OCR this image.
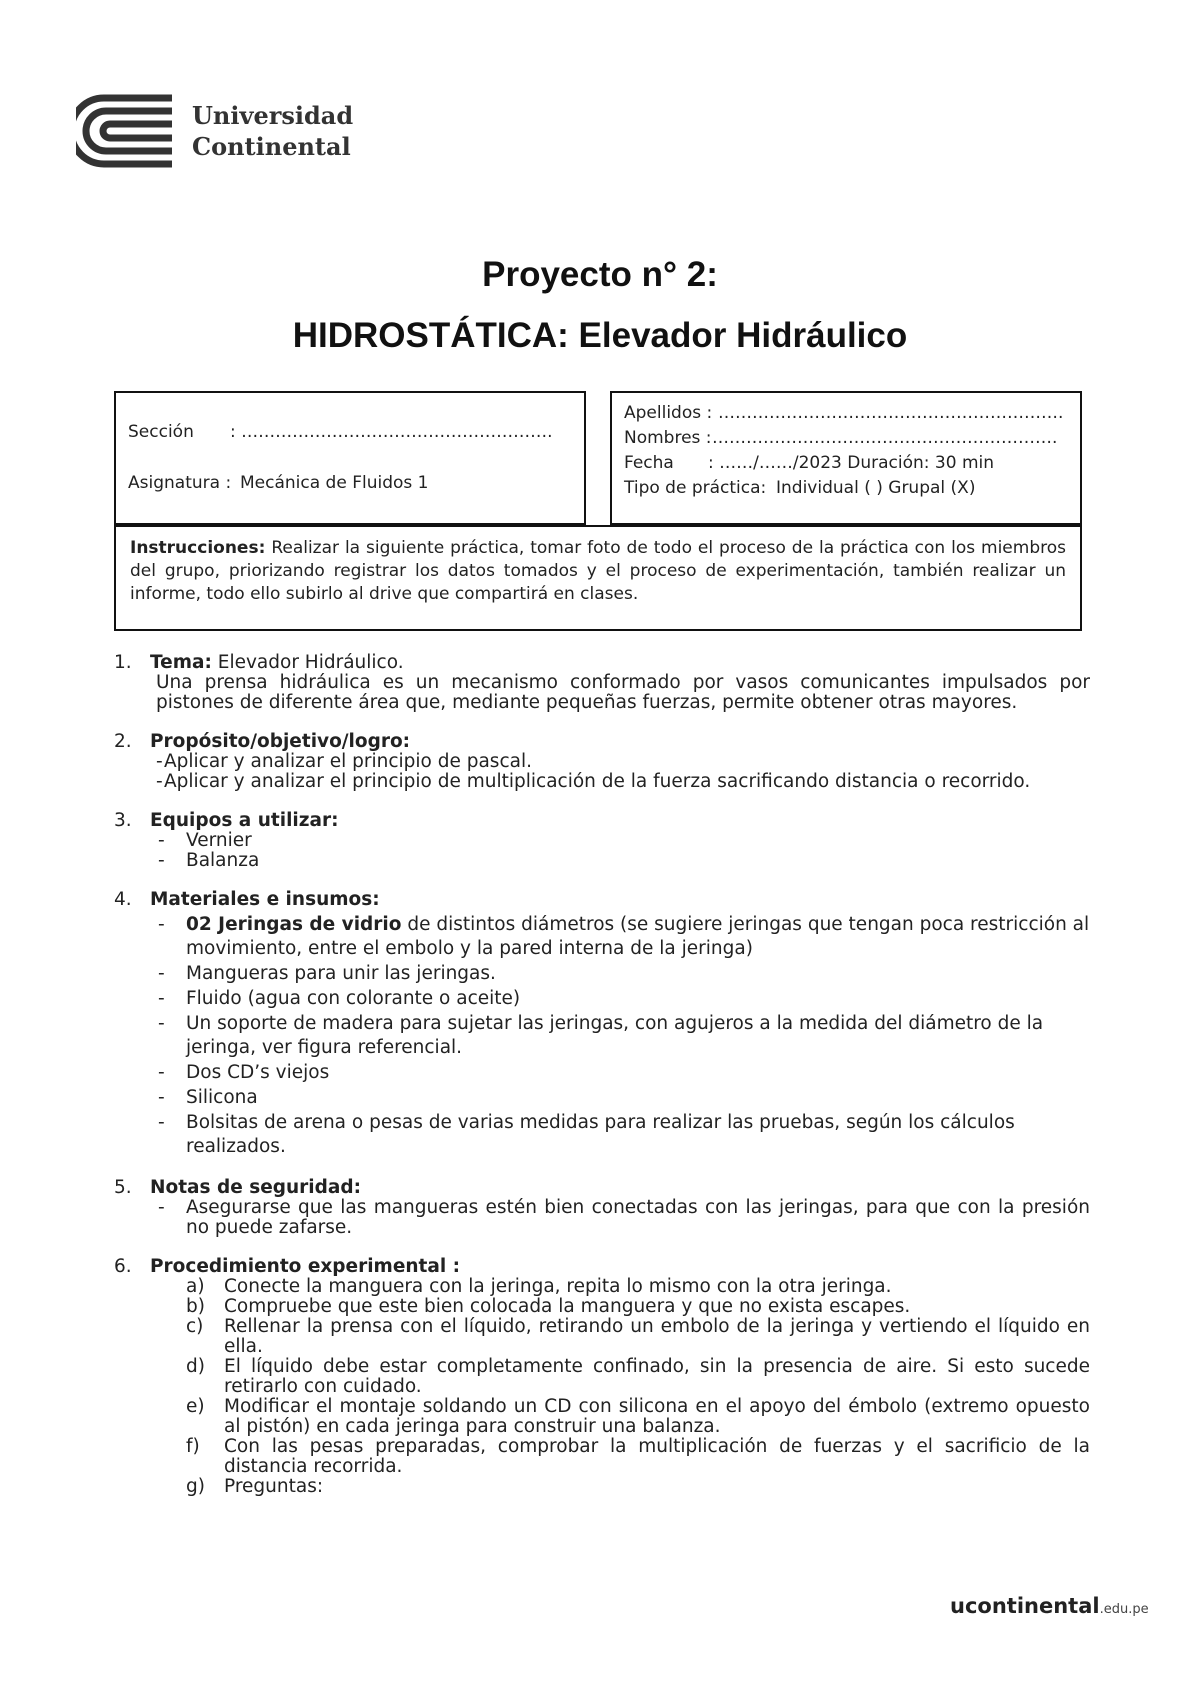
Universidad
Continental
Proyecto n° 2:
HIDROSTÁTICA: Elevador Hidráulico
Sección : ……………………………………………….
Asignatura : Mecánica de Fluidos 1
Apellidos : …………………………………………………….
Nombres : …………………………………………………….
Fecha : ……/……/2023 Duración: 30 min
Tipo de práctica: Individual ( ) Grupal (X)
Instrucciones: Realizar la siguiente práctica, tomar foto de todo el proceso de la práctica con los miembros del grupo, priorizando registrar los datos tomados y el proceso de experimentación, también realizar un informe, todo ello subirlo al drive que compartirá en clases.
1. Tema: Elevador Hidráulico.
Una prensa hidráulica es un mecanismo conformado por vasos comunicantes impulsados por pistones de diferente área que, mediante pequeñas fuerzas, permite obtener otras mayores.
2. Propósito/objetivo/logro:
- Aplicar y analizar el principio de pascal.
- Aplicar y analizar el principio de multiplicación de la fuerza sacrificando distancia o recorrido.
3. Equipos a utilizar:
- Vernier
- Balanza
4. Materiales e insumos:
- 02 Jeringas de vidrio de distintos diámetros (se sugiere jeringas que tengan poca restricción al movimiento, entre el embolo y la pared interna de la jeringa)
- Mangueras para unir las jeringas.
- Fluido (agua con colorante o aceite)
- Un soporte de madera para sujetar las jeringas, con agujeros a la medida del diámetro de la jeringa, ver figura referencial.
- Dos CD’s viejos
- Silicona
- Bolsitas de arena o pesas de varias medidas para realizar las pruebas, según los cálculos realizados.
5. Notas de seguridad:
- Asegurarse que las mangueras estén bien conectadas con las jeringas, para que con la presión no puede zafarse.
6. Procedimiento experimental :
a) Conecte la manguera con la jeringa, repita lo mismo con la otra jeringa.
b) Compruebe que este bien colocada la manguera y que no exista escapes.
c) Rellenar la prensa con el líquido, retirando un embolo de la jeringa y vertiendo el líquido en ella.
d) El líquido debe estar completamente confinado, sin la presencia de aire. Si esto sucede retirarlo con cuidado.
e) Modificar el montaje soldando un CD con silicona en el apoyo del émbolo (extremo opuesto al pistón) en cada jeringa para construir una balanza.
f) Con las pesas preparadas, comprobar la multiplicación de fuerzas y el sacrificio de la distancia recorrida.
g) Preguntas:
ucontinental.edu.pe
